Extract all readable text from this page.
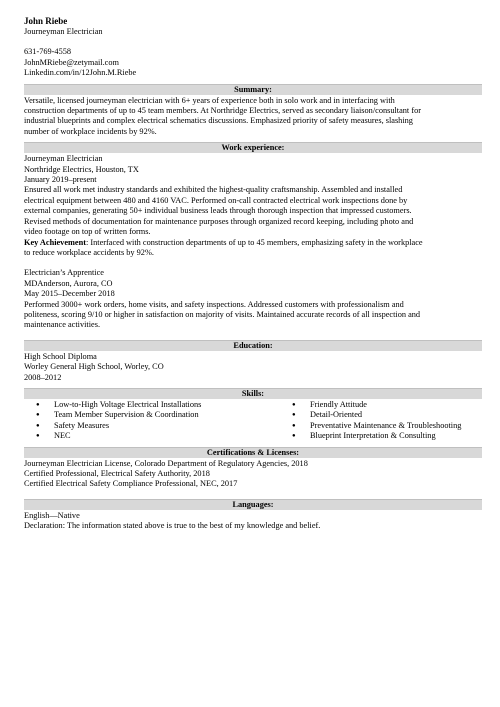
John Riebe
Journeyman Electrician
631-769-4558
JohnMRiebe@zetymail.com
Linkedin.com/in/12John.M.Riebe
Summary:
Versatile, licensed journeyman electrician with 6+ years of experience both in solo work and in interfacing with
construction departments of up to 45 team members. At Northridge Electrics, served as secondary liaison/consultant for
industrial blueprints and complex electrical schematics discussions. Emphasized priority of safety measures, slashing
number of workplace incidents by 92%.
Work experience:
Journeyman Electrician
Northridge Electrics, Houston, TX
January 2019–present
Ensured all work met industry standards and exhibited the highest-quality craftsmanship. Assembled and installed
electrical equipment between 480 and 4160 VAC. Performed on-call contracted electrical work inspections done by
external companies, generating 50+ individual business leads through thorough inspection that impressed customers.
Revised methods of documentation for maintenance purposes through organized record keeping, including photo and
video footage on top of written forms.
Key Achievement: Interfaced with construction departments of up to 45 members, emphasizing safety in the workplace
to reduce workplace accidents by 92%.
Electrician’s Apprentice
MDAnderson, Aurora, CO
May 2015–December 2018
Performed 3000+ work orders, home visits, and safety inspections. Addressed customers with professionalism and
politeness, scoring 9/10 or higher in satisfaction on majority of visits. Maintained accurate records of all inspection and
maintenance activities.
Education:
High School Diploma
Worley General High School, Worley, CO
2008–2012
Skills:
● Low-to-High Voltage Electrical Installations
● Team Member Supervision & Coordination
● Safety Measures
● NEC
● Friendly Attitude
● Detail-Oriented
● Preventative Maintenance & Troubleshooting
● Blueprint Interpretation & Consulting
Certifications & Licenses:
Journeyman Electrician License, Colorado Department of Regulatory Agencies, 2018
Certified Professional, Electrical Safety Authority, 2018
Certified Electrical Safety Compliance Professional, NEC, 2017
Languages:
English—Native
Declaration: The information stated above is true to the best of my knowledge and belief.
